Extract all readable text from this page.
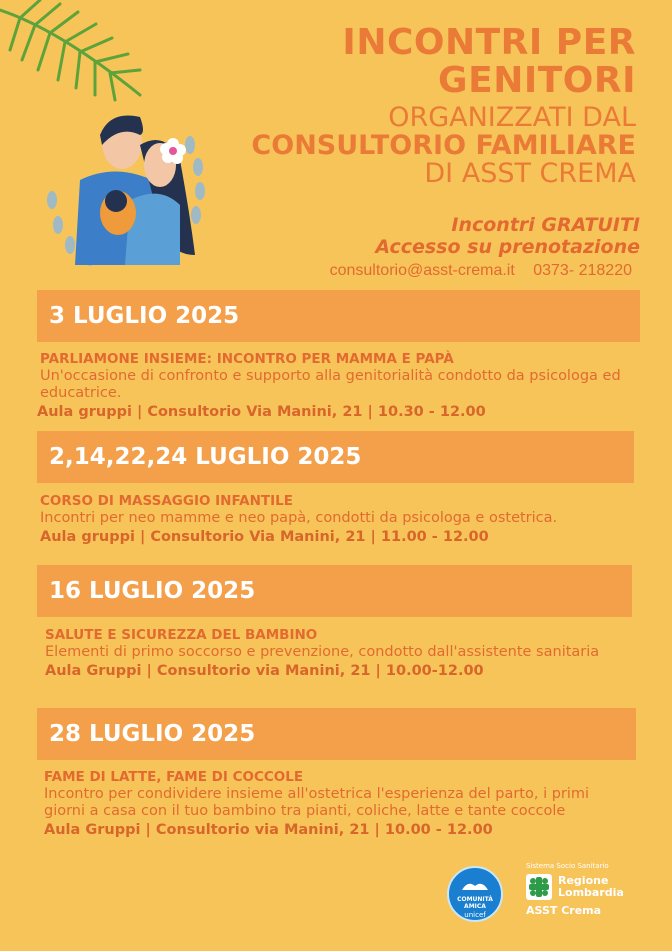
INCONTRI PER
GENITORI
ORGANIZZATI DAL
CONSULTORIO FAMILIARE
DI ASST CREMA
Incontri GRATUITI
Accesso su prenotazione
consultorio@asst-crema.it 0373- 218220
3 LUGLIO 2025
PARLIAMONE INSIEME: INCONTRO PER MAMMA E PAPÀ
Un'occasione di confronto e supporto alla genitorialità condotto da psicologa ed educatrice.
Aula gruppi | Consultorio Via Manini, 21 | 10.30 - 12.00
2,14,22,24 LUGLIO 2025
CORSO DI MASSAGGIO INFANTILE
Incontri per neo mamme e neo papà, condotti da psicologa e ostetrica.
Aula gruppi | Consultorio Via Manini, 21 | 11.00 - 12.00
16 LUGLIO 2025
SALUTE E SICUREZZA DEL BAMBINO
Elementi di primo soccorso e prevenzione, condotto dall'assistente sanitaria
Aula Gruppi | Consultorio via Manini, 21 | 10.00-12.00
28 LUGLIO 2025
FAME DI LATTE, FAME DI COCCOLE
Incontro per condividere insieme all'ostetrica l'esperienza del parto, i primi giorni a casa con il tuo bambino tra pianti, coliche, latte e tante coccole
Aula Gruppi | Consultorio via Manini, 21 | 10.00 - 12.00
COMUNITÀ AMICA
unicef
Sistema Socio Sanitario
Regione
Lombardia
ASST Crema
